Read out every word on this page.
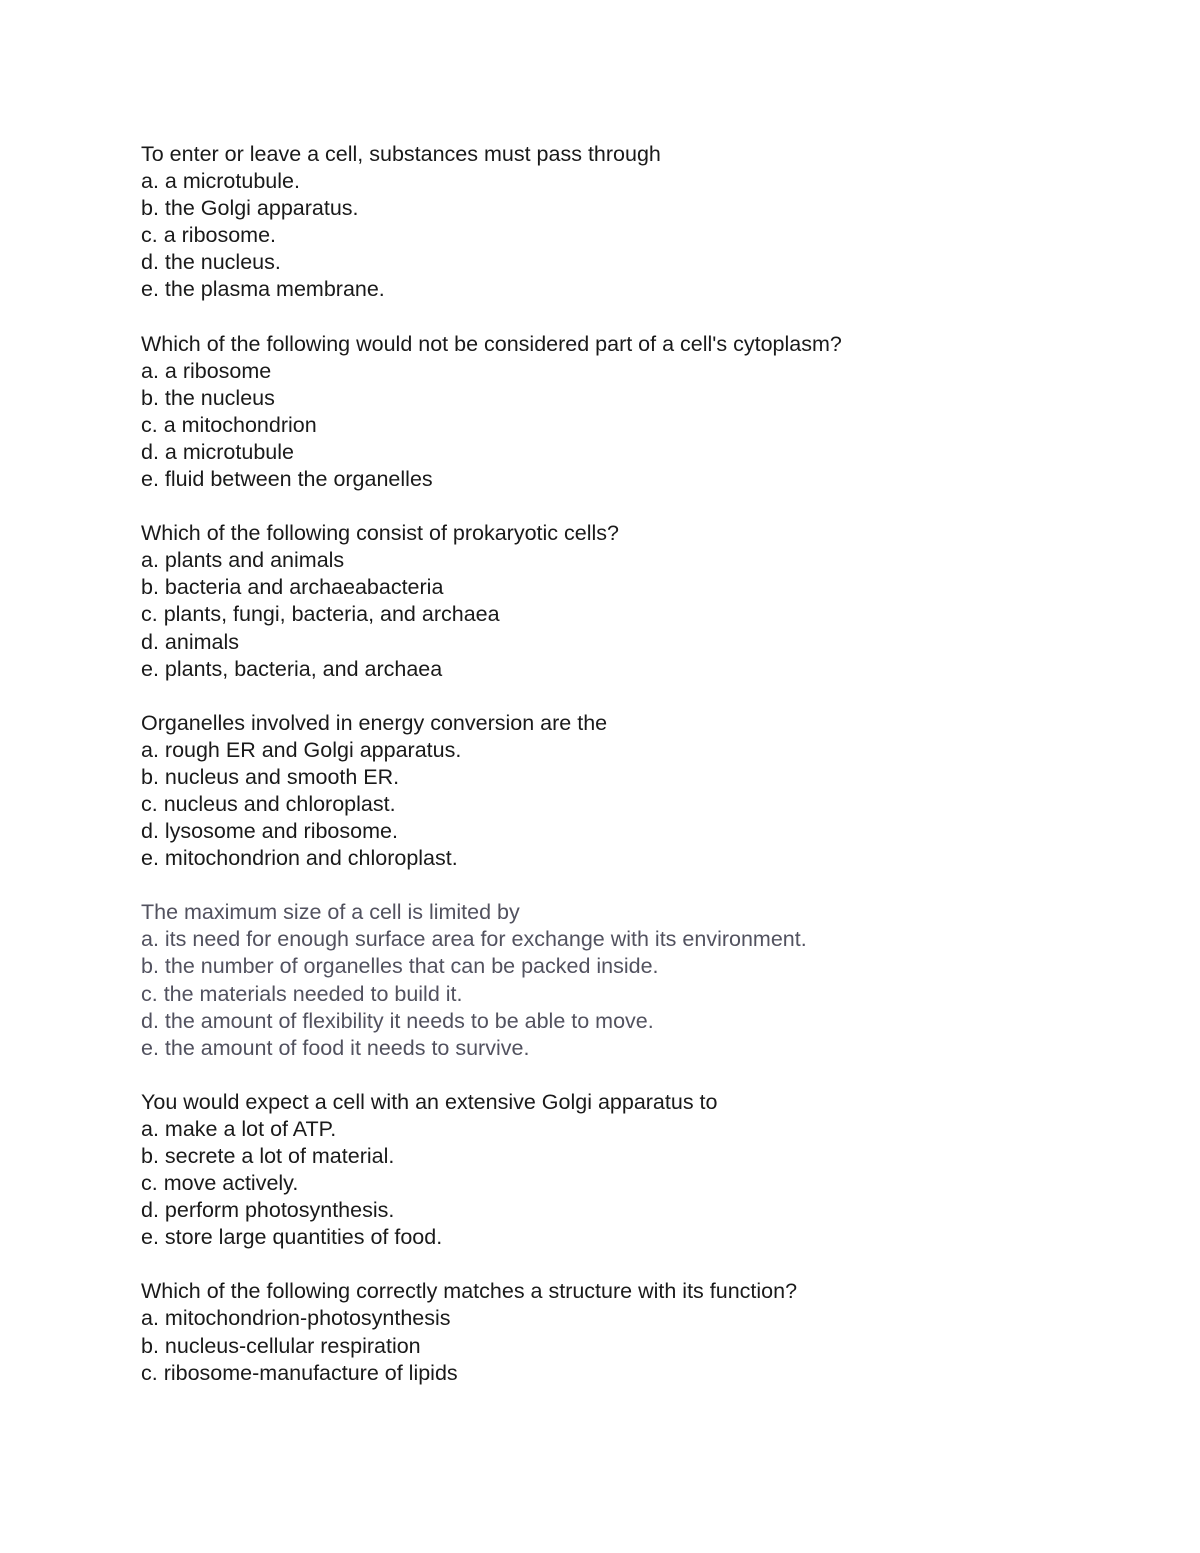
To enter or leave a cell, substances must pass through
a. a microtubule.
b. the Golgi apparatus.
c. a ribosome.
d. the nucleus.
e. the plasma membrane.
Which of the following would not be considered part of a cell's cytoplasm?
a. a ribosome
b. the nucleus
c. a mitochondrion
d. a microtubule
e. fluid between the organelles
Which of the following consist of prokaryotic cells?
a. plants and animals
b. bacteria and archaeabacteria
c. plants, fungi, bacteria, and archaea
d. animals
e. plants, bacteria, and archaea
Organelles involved in energy conversion are the
a. rough ER and Golgi apparatus.
b. nucleus and smooth ER.
c. nucleus and chloroplast.
d. lysosome and ribosome.
e. mitochondrion and chloroplast.
The maximum size of a cell is limited by
a. its need for enough surface area for exchange with its environment.
b. the number of organelles that can be packed inside.
c. the materials needed to build it.
d. the amount of flexibility it needs to be able to move.
e. the amount of food it needs to survive.
You would expect a cell with an extensive Golgi apparatus to
a. make a lot of ATP.
b. secrete a lot of material.
c. move actively.
d. perform photosynthesis.
e. store large quantities of food.
Which of the following correctly matches a structure with its function?
a. mitochondrion-photosynthesis
b. nucleus-cellular respiration
c. ribosome-manufacture of lipids
